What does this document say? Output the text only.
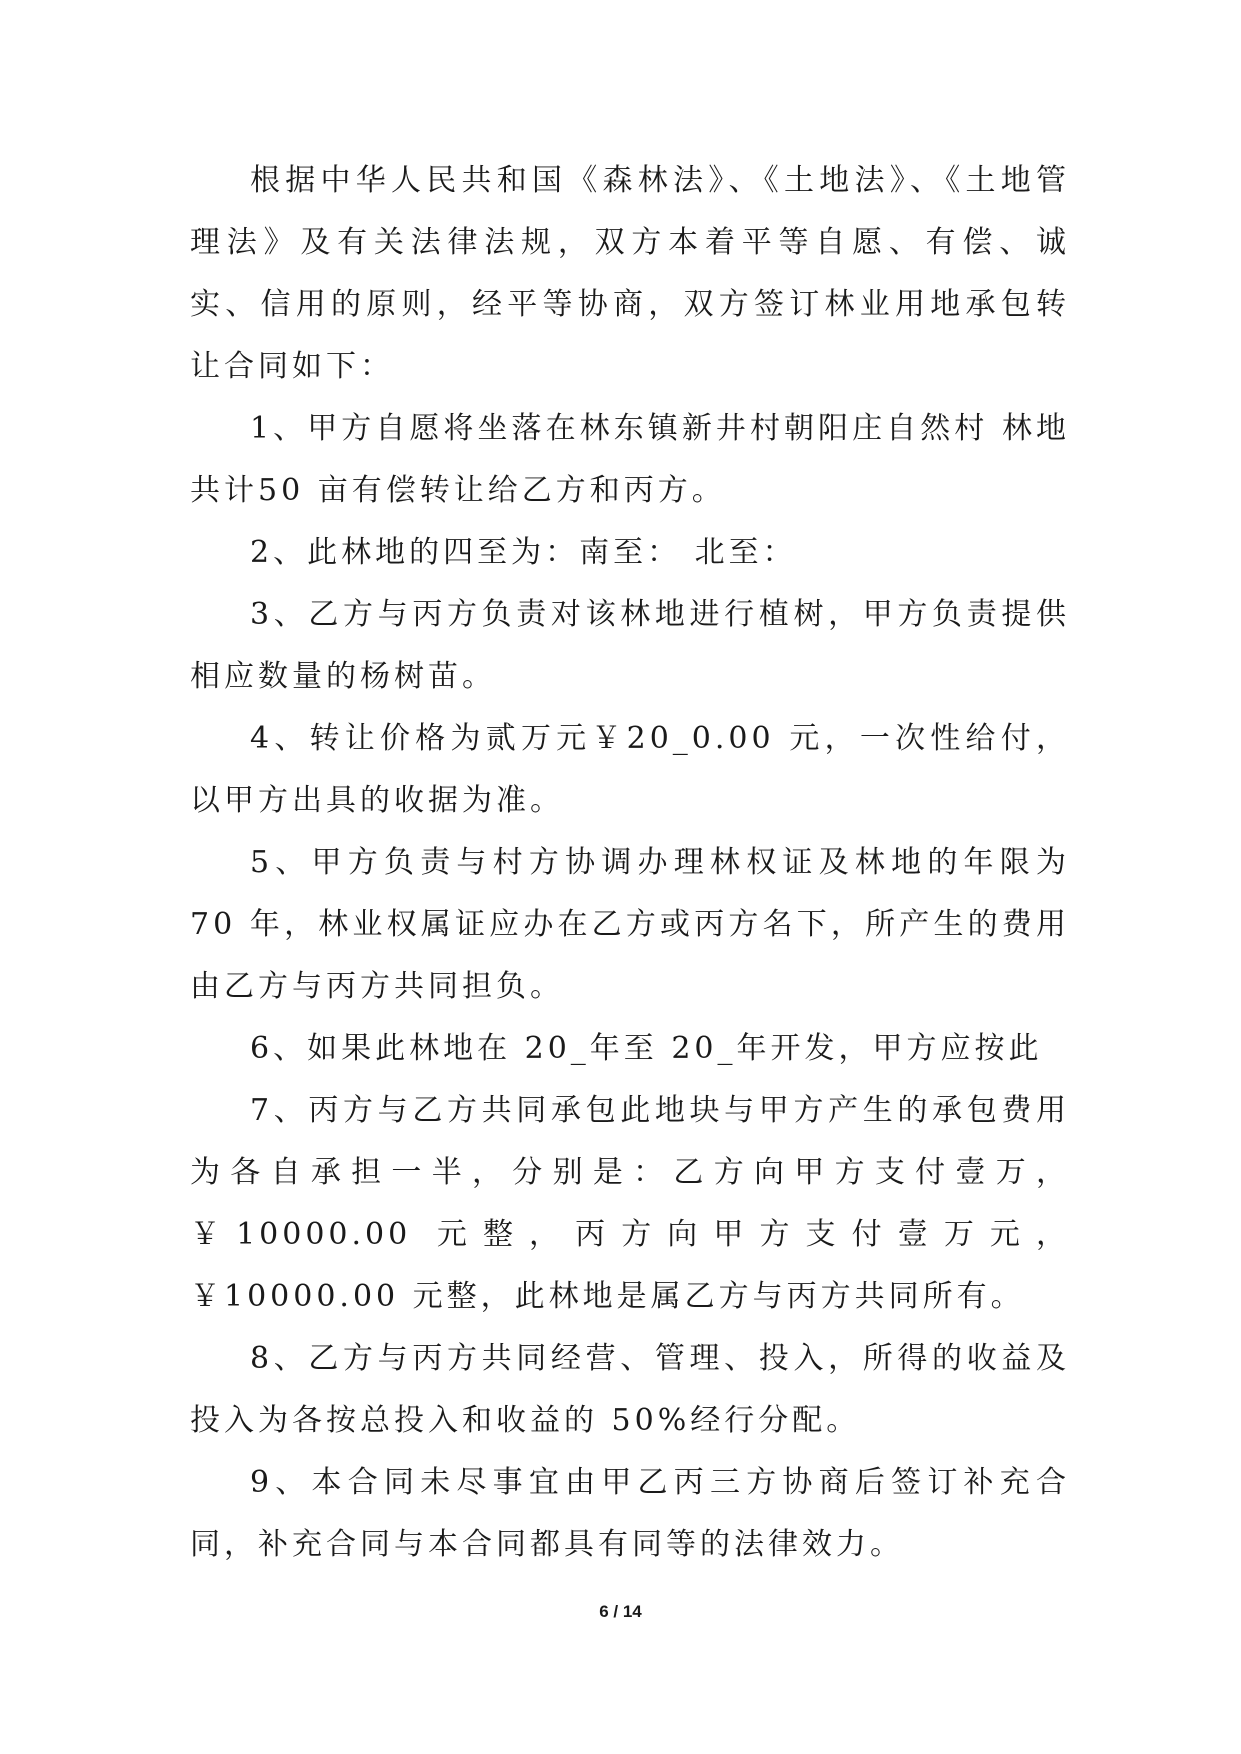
根据中华人民共和国《森林法》、《土地法》、《土地管理法》及有关法律法规，双方本着平等自愿、有偿、诚实、信用的原则，经平等协商，双方签订林业用地承包转让合同如下：

1、甲方自愿将坐落在林东镇新井村朝阳庄自然村 林地共计50 亩有偿转让给乙方和丙方。

2、此林地的四至为：南至： 北至：

3、乙方与丙方负责对该林地进行植树，甲方负责提供相应数量的杨树苗。

4、转让价格为贰万元￥20_0.00 元，一次性给付，以甲方出具的收据为准。

5、甲方负责与村方协调办理林权证及林地的年限为 70 年，林业权属证应办在乙方或丙方名下，所产生的费用由乙方与丙方共同担负。

6、如果此林地在 20_年至 20_年开发，甲方应按此

7、丙方与乙方共同承包此地块与甲方产生的承包费用为各自承担一半，分别是：乙方向甲方支付壹万，￥10000.00 元整，丙方向甲方支付壹万元，￥10000.00 元整，此林地是属乙方与丙方共同所有。

8、乙方与丙方共同经营、管理、投入，所得的收益及投入为各按总投入和收益的 50%经行分配。

9、本合同未尽事宜由甲乙丙三方协商后签订补充合同，补充合同与本合同都具有同等的法律效力。

6 / 14
